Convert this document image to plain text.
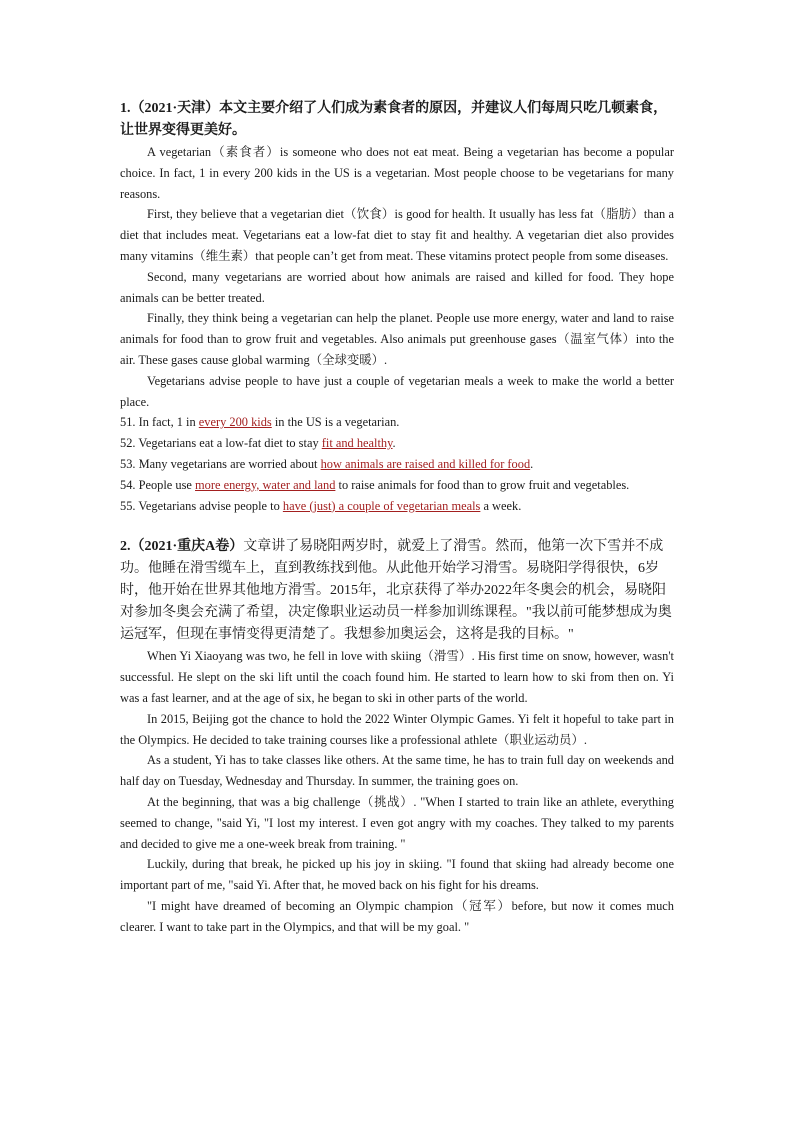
1.（2021·天津）本文主要介绍了人们成为素食者的原因，并建议人们每周只吃几顿素食，让世界变得更美好。

A vegetarian（素食者）is someone who does not eat meat. Being a vegetarian has become a popular choice. In fact, 1 in every 200 kids in the US is a vegetarian. Most people choose to be vegetarians for many reasons.

First, they believe that a vegetarian diet（饮食）is good for health. It usually has less fat（脂肪）than a diet that includes meat. Vegetarians eat a low-fat diet to stay fit and healthy. A vegetarian diet also provides many vitamins（维生素）that people can’t get from meat. These vitamins protect people from some diseases.

Second, many vegetarians are worried about how animals are raised and killed for food. They hope animals can be better treated.

Finally, they think being a vegetarian can help the planet. People use more energy, water and land to raise animals for food than to grow fruit and vegetables. Also animals put greenhouse gases（温室气体）into the air. These gases cause global warming（全球变暖）.

Vegetarians advise people to have just a couple of vegetarian meals a week to make the world a better place.

51. In fact, 1 in every 200 kids in the US is a vegetarian.

52. Vegetarians eat a low-fat diet to stay fit and healthy.

53. Many vegetarians are worried about how animals are raised and killed for food.

54. People use more energy, water and land to raise animals for food than to grow fruit and vegetables.

55. Vegetarians advise people to have (just) a couple of vegetarian meals a week.

2.（2021·重庆A卷）文章讲了易晓阳两岁时，就爱上了滑雪。然而，他第一次下雪并不成功。他睡在滑雪缆车上，直到教练找到他。从此他开始学习滑雪。易晓阳学得很快，6岁时，他开始在世界其他地方滑雪。2015年，北京获得了举办2022年冬奥会的机会，易晓阳对参加冬奥会充满了希望，决定像职业运动员一样参加训练课程。"我以前可能梦想成为奥运冠军，但现在事情变得更清楚了。我想参加奥运会，这将是我的目标。"

When Yi Xiaoyang was two, he fell in love with skiing（滑雪）. His first time on snow, however, wasn't successful. He slept on the ski lift until the coach found him. He started to learn how to ski from then on. Yi was a fast learner, and at the age of six, he began to ski in other parts of the world.

In 2015, Beijing got the chance to hold the 2022 Winter Olympic Games. Yi felt it hopeful to take part in the Olympics. He decided to take training courses like a professional athlete（职业运动员）.

As a student, Yi has to take classes like others. At the same time, he has to train full day on weekends and half day on Tuesday, Wednesday and Thursday. In summer, the training goes on.

At the beginning, that was a big challenge（挑战）. "When I started to train like an athlete, everything seemed to change, "said Yi, "I lost my interest. I even got angry with my coaches. They talked to my parents and decided to give me a one-week break from training. "

Luckily, during that break, he picked up his joy in skiing. "I found that skiing had already become one important part of me, "said Yi. After that, he moved back on his fight for his dreams.

"I might have dreamed of becoming an Olympic champion（冠军）before, but now it comes much clearer. I want to take part in the Olympics, and that will be my goal. "
